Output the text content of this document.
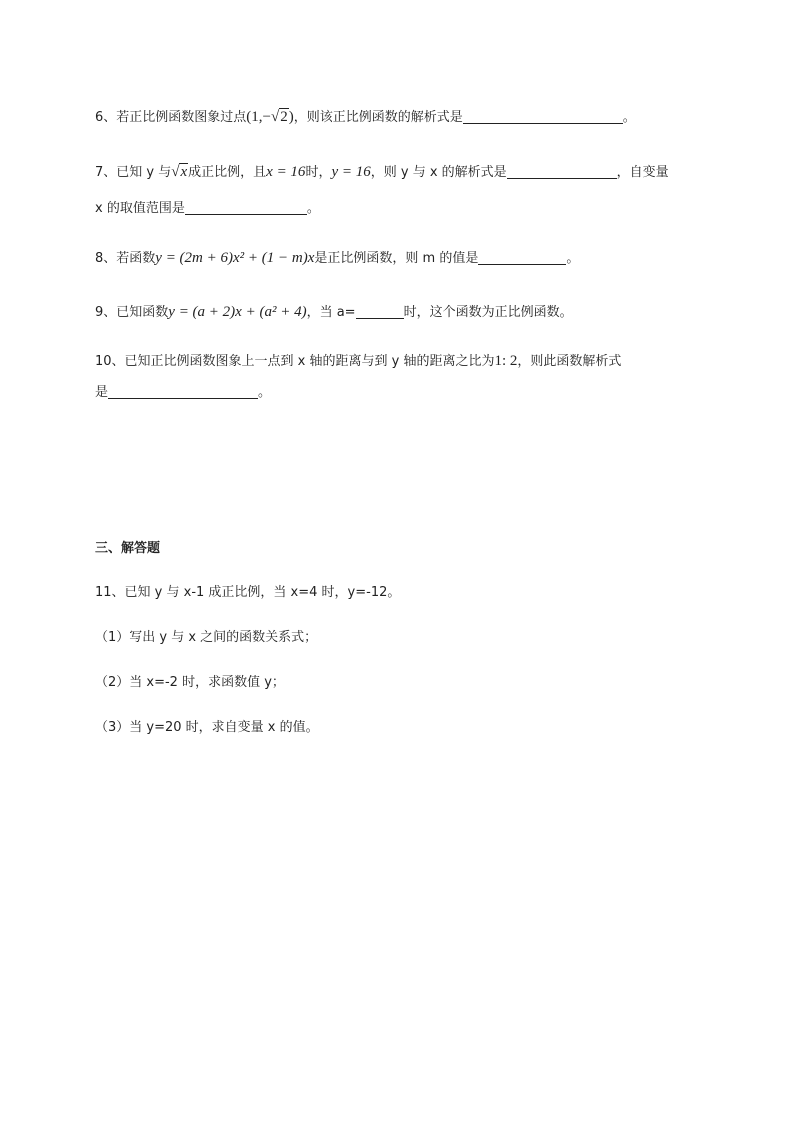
6、若正比例函数图象过点(1,−√2)，则该正比例函数的解析式是	。
7、已知 y 与√x成正比例，且x = 16时，y = 16，则 y 与 x 的解析式是	，自变量
x 的取值范围是	。
8、若函数y = (2m + 6)x² + (1 − m)x是正比例函数，则 m 的值是	。
9、已知函数y = (a + 2)x + (a² + 4)，当 a=	时，这个函数为正比例函数。
10、已知正比例函数图象上一点到 x 轴的距离与到 y 轴的距离之比为1: 2，则此函数解析式
是	。
三、解答题
11、已知 y 与 x-1 成正比例，当 x=4 时，y=-12。
（1）写出 y 与 x 之间的函数关系式；
（2）当 x=-2 时，求函数值 y；
（3）当 y=20 时，求自变量 x 的值。
